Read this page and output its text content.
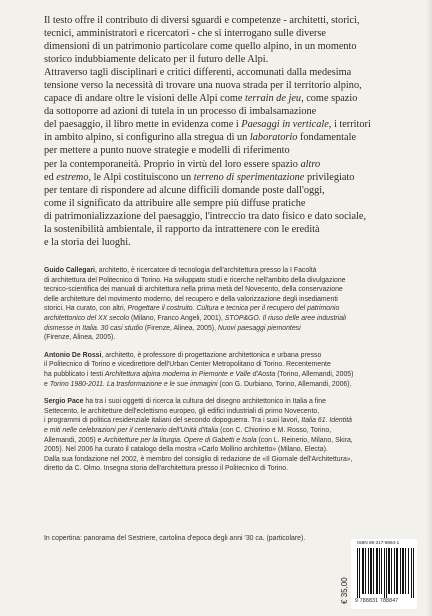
Il testo offre il contributo di diversi sguardi e competenze - architetti, storici,
tecnici, amministratori e ricercatori - che si interrogano sulle diverse
dimensioni di un patrimonio particolare come quello alpino, in un momento
storico indubbiamente delicato per il futuro delle Alpi.
Attraverso tagli disciplinari e critici differenti, accomunati dalla medesima
tensione verso la necessità di trovare una nuova strada per il territorio alpino,
capace di andare oltre le visioni delle Alpi come terrain de jeu, come spazio
da sottoporre ad azioni di tutela in un processo di imbalsamazione
del paesaggio, il libro mette in evidenza come i Paesaggi in verticale, i territori
in ambito alpino, si configurino alla stregua di un laboratorio fondamentale
per mettere a punto nuove strategie e modelli di riferimento
per la contemporaneità. Proprio in virtù del loro essere spazio altro
ed estremo, le Alpi costituiscono un terreno di sperimentazione privilegiato
per tentare di rispondere ad alcune difficili domande poste dall'oggi,
come il significato da attribuire alle sempre più diffuse pratiche
di patrimonializzazione del paesaggio, l'intreccio tra dato fisico e dato sociale,
la sostenibilità ambientale, il rapporto da intrattenere con le eredità
e la storia dei luoghi.
Guido Callegari, architetto, è ricercatore di tecnologia dell'architettura presso la I Facoltà
di architettura del Politecnico di Torino. Ha sviluppato studi e ricerche nell'ambito della divulgazione
tecnico-scientifica dei manuali di architettura nella prima metà del Novecento, della conservazione
delle architetture del movimento moderno, del recupero e della valorizzazione degli insediamenti
storici. Ha curato, con altri, Progettare il costruito. Cultura e tecnica per il recupero del patrimonio
architettonico del XX secolo (Milano, Franco Angeli, 2001), STOP&GO. Il riuso delle aree industriali
dismesse in Italia. 30 casi studio (Firenze, Alinea, 2005), Nuovi paesaggi piemontesi
(Firenze, Alinea, 2005).
Antonio De Rossi, architetto, è professore di progettazione architettonica e urbana presso
il Politecnico di Torino e vicedirettore dell'Urban Center Metropolitano di Torino. Recentemente
ha pubblicato i testi Architettura alpina moderna in Piemonte e Valle d'Aosta (Torino, Allemandi, 2005)
e Torino 1980-2011. La trasformazione e le sue immagini (con G. Durbiano, Torino, Allemandi, 2006).
Sergio Pace ha tra i suoi oggetti di ricerca la cultura del disegno architettonico in Italia a fine
Settecento, le architetture dell'eclettismo europeo, gli edifici industriali di primo Novecento,
i programmi di politica residenziale italiani del secondo dopoguerra. Tra i suoi lavori, Italia 61. Identità
e miti nelle celebrazioni per il centenario dell'Unità d'Italia (con C. Chiorino e M. Rosso, Torino,
Allemandi, 2005) e Architetture per la liturgia. Opere di Gabetti e Isola (con L. Reinerio, Milano, Skira,
2005). Nel 2006 ha curato il catalogo della mostra «Carlo Mollino architetto» (Milano, Electa).
Dalla sua fondazione nel 2002, è membro del consiglio di redazione de «Il Giornale dell'Architettura»,
diretto da C. Olmo. Insegna storia dell'architettura presso il Politecnico di Torino.
In copertina: panorama del Sestriere, cartolina d'epoca degli anni '30 ca. (particolare).
€ 35,00
ISBN 88-317-8884-1
9 788831 788847
